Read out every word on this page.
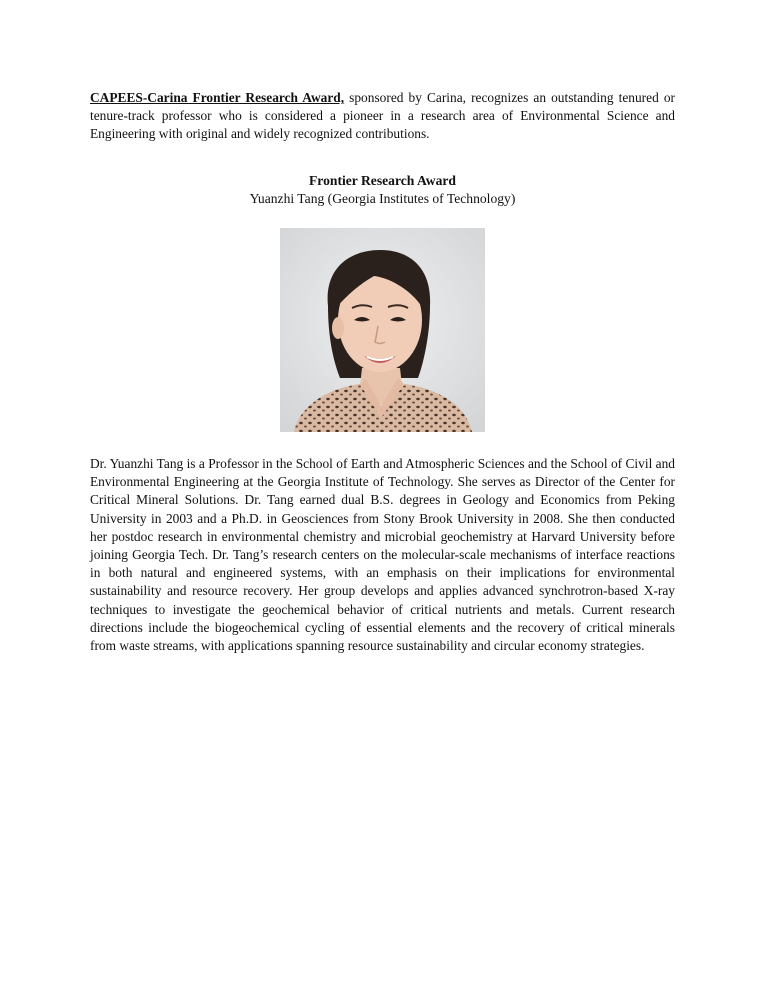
CAPEES-Carina Frontier Research Award, sponsored by Carina, recognizes an outstanding tenured or tenure-track professor who is considered a pioneer in a research area of Environmental Science and Engineering with original and widely recognized contributions.

Frontier Research Award
Yuanzhi Tang (Georgia Institutes of Technology)

Dr. Yuanzhi Tang is a Professor in the School of Earth and Atmospheric Sciences and the School of Civil and Environmental Engineering at the Georgia Institute of Technology. She serves as Director of the Center for Critical Mineral Solutions. Dr. Tang earned dual B.S. degrees in Geology and Economics from Peking University in 2003 and a Ph.D. in Geosciences from Stony Brook University in 2008. She then conducted her postdoc research in environmental chemistry and microbial geochemistry at Harvard University before joining Georgia Tech. Dr. Tang’s research centers on the molecular-scale mechanisms of interface reactions in both natural and engineered systems, with an emphasis on their implications for environmental sustainability and resource recovery. Her group develops and applies advanced synchrotron-based X-ray techniques to investigate the geochemical behavior of critical nutrients and metals. Current research directions include the biogeochemical cycling of essential elements and the recovery of critical minerals from waste streams, with applications spanning resource sustainability and circular economy strategies.
